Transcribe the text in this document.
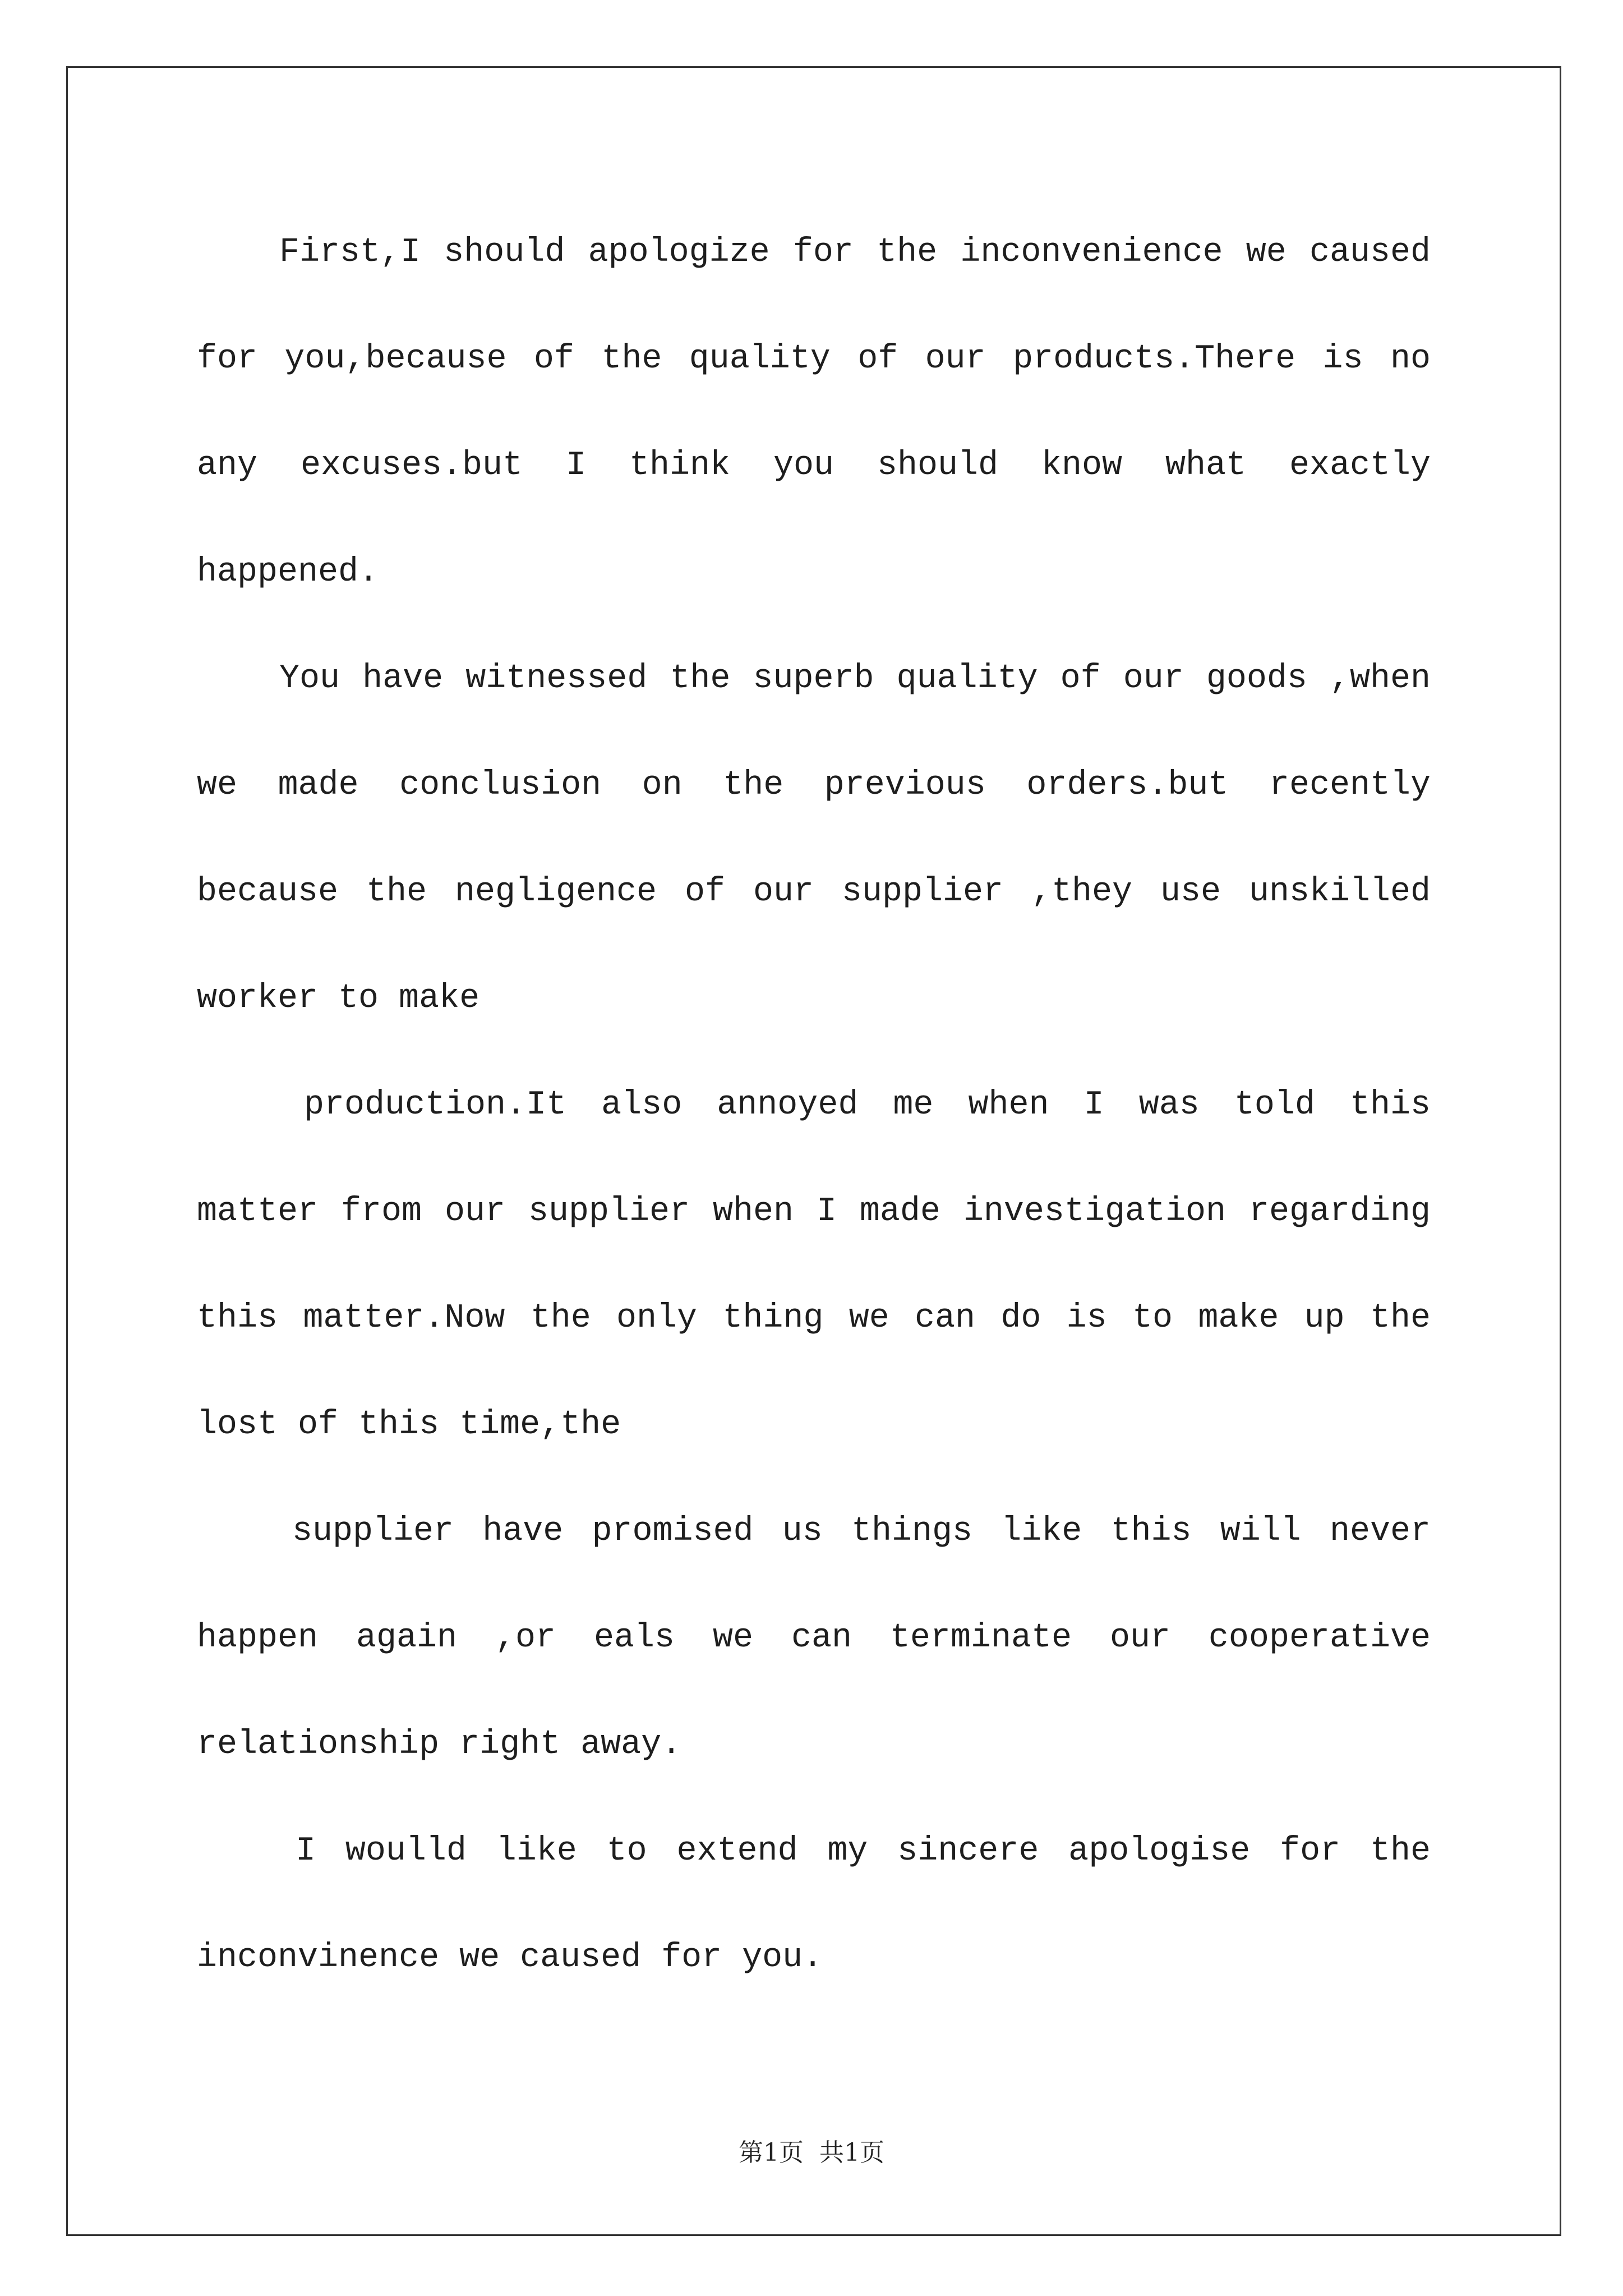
First,I should apologize for the inconvenience we caused
for you,because of the quality of our products.There is no
any excuses.but I think you should know what exactly
happened.
You have witnessed the superb quality of our goods ,when
we made conclusion on the previous orders.but recently
because the negligence of our supplier ,they use unskilled
worker to make
production.It also annoyed me when I was told this
matter from our supplier when I made investigation regarding
this matter.Now the only thing we can do is to make up the
lost of this time,the
supplier have promised us things like this will never
happen again ,or eals we can terminate our cooperative
relationship right away.
I woulld like to extend my sincere apologise for the
inconvinence we caused for you.
第1页  共1页
